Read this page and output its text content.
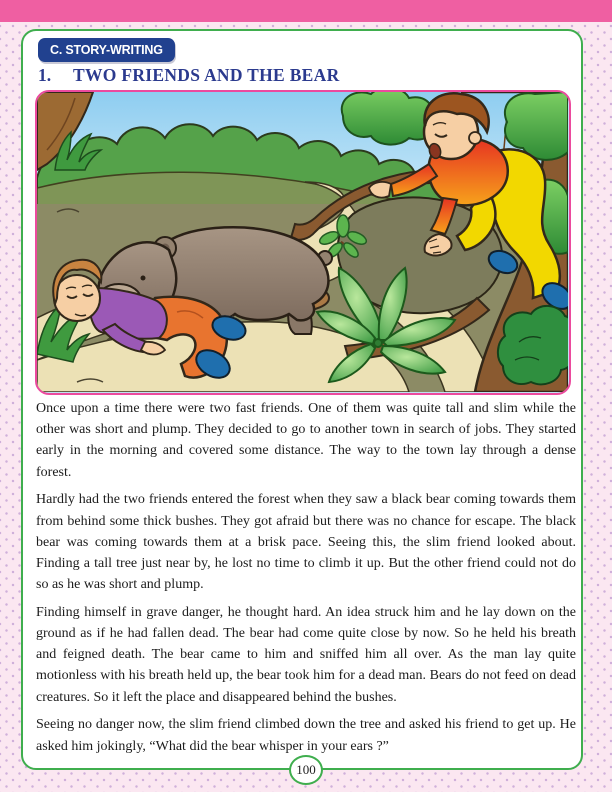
C. STORY-WRITING
1.	TWO FRIENDS AND THE BEAR

Once upon a time there were two fast friends. One of them was quite tall and slim while the other was short and plump. They decided to go to another town in search of jobs. They started early in the morning and covered some distance. The way to the town lay through a dense forest.

Hardly had the two friends entered the forest when they saw a black bear coming towards them from behind some thick bushes. They got afraid but there was no chance for escape. The black bear was coming towards them at a brisk pace. Seeing this, the slim friend looked about. Finding a tall tree just near by, he lost no time to climb it up. But the other friend could not do so as he was short and plump.

Finding himself in grave danger, he thought hard. An idea struck him and he lay down on the ground as if he had fallen dead. The bear had come quite close by now. So he held his breath and feigned death. The bear came to him and sniffed him all over. As the man lay quite motionless with his breath held up, the bear took him for a dead man. Bears do not feed on dead creatures. So it left the place and disappeared behind the bushes.

Seeing no danger now, the slim friend climbed down the tree and asked his friend to get up. He asked him jokingly, “What did the bear whisper in your ears ?”

100
